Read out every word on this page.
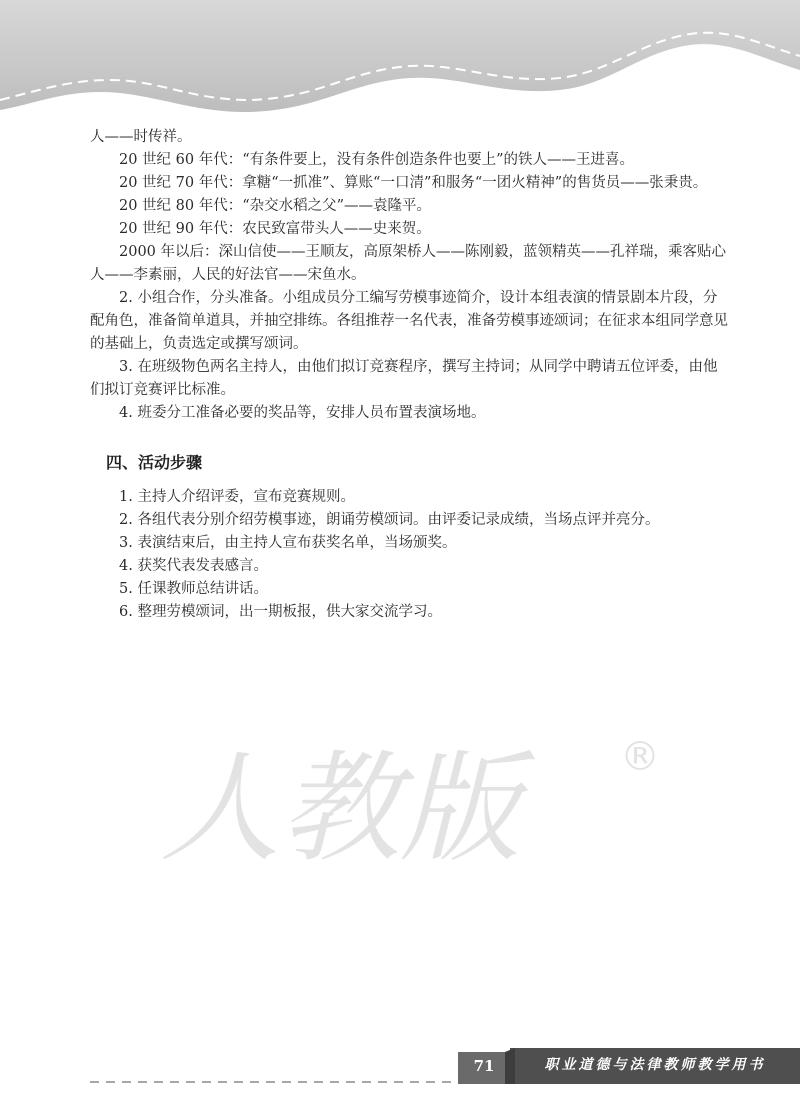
人——时传祥。

20 世纪 60 年代：“有条件要上，没有条件创造条件也要上”的铁人——王进喜。

20 世纪 70 年代：拿糖“一抓准”、算账“一口清”和服务“一团火精神”的售货员——张秉贵。

20 世纪 80 年代：“杂交水稻之父”——袁隆平。

20 世纪 90 年代：农民致富带头人——史来贺。

2000 年以后：深山信使——王顺友，高原架桥人——陈刚毅，蓝领精英——孔祥瑞，乘客贴心人——李素丽，人民的好法官——宋鱼水。

2. 小组合作，分头准备。小组成员分工编写劳模事迹简介，设计本组表演的情景剧本片段，分配角色，准备简单道具，并抽空排练。各组推荐一名代表，准备劳模事迹颂词；在征求本组同学意见的基础上，负责选定或撰写颂词。

3. 在班级物色两名主持人，由他们拟订竞赛程序，撰写主持词；从同学中聘请五位评委，由他们拟订竞赛评比标准。

4. 班委分工准备必要的奖品等，安排人员布置表演场地。

四、活动步骤

1. 主持人介绍评委，宣布竞赛规则。

2. 各组代表分别介绍劳模事迹，朗诵劳模颂词。由评委记录成绩，当场点评并亮分。

3. 表演结束后，由主持人宣布获奖名单，当场颁奖。

4. 获奖代表发表感言。

5. 任课教师总结讲话。

6. 整理劳模颂词，出一期板报，供大家交流学习。

人教版	®
71	职业道德与法律教师教学用书
